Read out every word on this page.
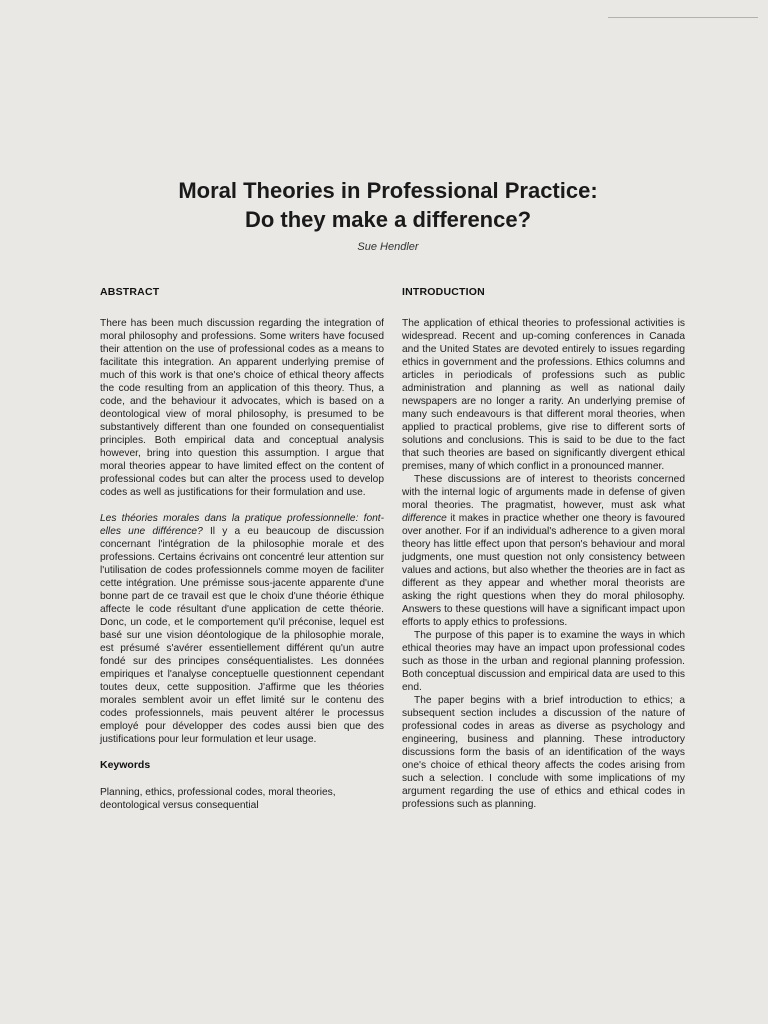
Moral Theories in Professional Practice:
Do they make a difference?
Sue Hendler
ABSTRACT

There has been much discussion regarding the integration of moral philosophy and professions. Some writers have focused their attention on the use of professional codes as a means to facilitate this integration. An apparent underlying premise of much of this work is that one's choice of ethical theory affects the code resulting from an application of this theory. Thus, a code, and the behaviour it advocates, which is based on a deontological view of moral philosophy, is presumed to be substantively different than one founded on consequentialist principles. Both empirical data and conceptual analysis however, bring into question this assumption. I argue that moral theories appear to have limited effect on the content of professional codes but can alter the process used to develop codes as well as justifications for their formulation and use.

Les théories morales dans la pratique professionnelle: font-elles une différence? Il y a eu beaucoup de discussion concernant l'intégration de la philosophie morale et des professions. Certains écrivains ont concentré leur attention sur l'utilisation de codes professionnels comme moyen de faciliter cette intégration. Une prémisse sous-jacente apparente d'une bonne part de ce travail est que le choix d'une théorie éthique affecte le code résultant d'une application de cette théorie. Donc, un code, et le comportement qu'il préconise, lequel est basé sur une vision déontologique de la philosophie morale, est présumé s'avérer essentiellement différent qu'un autre fondé sur des principes conséquentialistes. Les données empiriques et l'analyse conceptuelle questionnent cependant toutes deux, cette supposition. J'affirme que les théories morales semblent avoir un effet limité sur le contenu des codes professionnels, mais peuvent altérer le processus employé pour développer des codes aussi bien que des justifications pour leur formulation et leur usage.

Keywords

Planning, ethics, professional codes, moral theories, deontological versus consequential

INTRODUCTION

The application of ethical theories to professional activities is widespread. Recent and up-coming conferences in Canada and the United States are devoted entirely to issues regarding ethics in government and the professions. Ethics columns and articles in periodicals of professions such as public administration and planning as well as national daily newspapers are no longer a rarity. An underlying premise of many such endeavours is that different moral theories, when applied to practical problems, give rise to different sorts of solutions and conclusions. This is said to be due to the fact that such theories are based on significantly divergent ethical premises, many of which conflict in a pronounced manner.

These discussions are of interest to theorists concerned with the internal logic of arguments made in defense of given moral theories. The pragmatist, however, must ask what difference it makes in practice whether one theory is favoured over another. For if an individual's adherence to a given moral theory has little effect upon that person's behaviour and moral judgments, one must question not only consistency between values and actions, but also whether the theories are in fact as different as they appear and whether moral theorists are asking the right questions when they do moral philosophy. Answers to these questions will have a significant impact upon efforts to apply ethics to professions.

The purpose of this paper is to examine the ways in which ethical theories may have an impact upon professional codes such as those in the urban and regional planning profession. Both conceptual discussion and empirical data are used to this end.

The paper begins with a brief introduction to ethics; a subsequent section includes a discussion of the nature of professional codes in areas as diverse as psychology and engineering, business and planning. These introductory discussions form the basis of an identification of the ways one's choice of ethical theory affects the codes arising from such a selection. I conclude with some implications of my argument regarding the use of ethics and ethical codes in professions such as planning.
